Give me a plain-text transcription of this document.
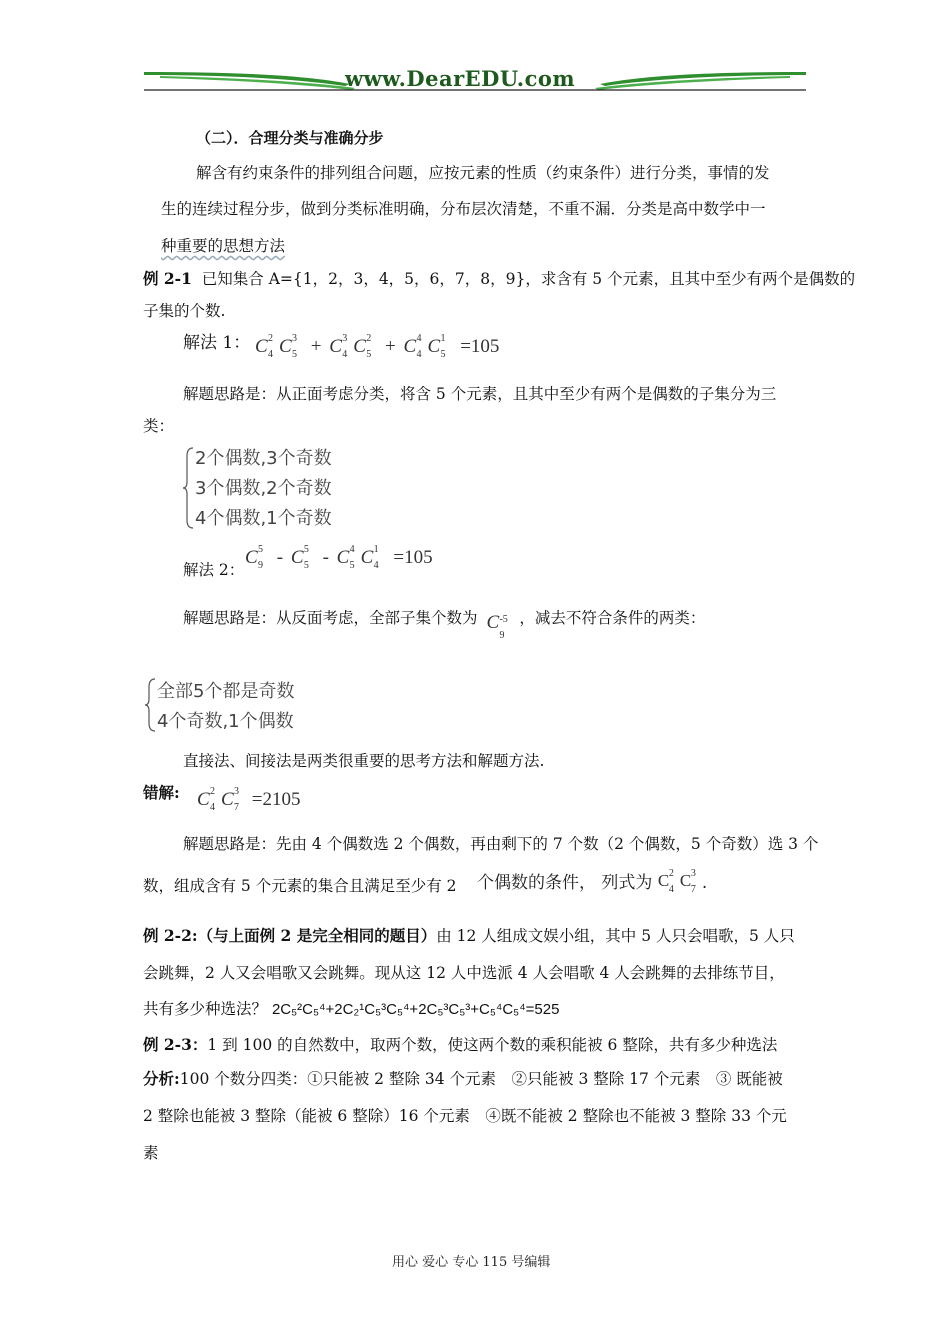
www.DearEDU.com
（二）．合理分类与准确分步
解含有约束条件的排列组合问题，应按元素的性质（约束条件）进行分类，事情的发
生的连续过程分步，做到分类标准明确，分布层次清楚，不重不漏．分类是高中数学中一
种重要的思想方法
例 2-1 已知集合 A={1，2，3，4，5，6，7，8，9}，求含有 5 个元素，且其中至少有两个是偶数的
子集的个数.
解法 1： C 2
4 C 3
5 + C 3
4 C 2
5 + C 4
4 C 1
5 =105
解题思路是：从正面考虑分类，将含 5 个元素，且其中至少有两个是偶数的子集分为三
类：
2个偶数,3个奇数
3个偶数,2个奇数
4个偶数,1个奇数
解法 2：
C 5
9 - C 5
5 - C 4
5 C 1
4 =105
解题思路是：从反面考虑，全部子集个数为 C -5
9
，减去不符合条件的两类：
全部5个都是奇数
4个奇数,1个偶数
直接法、间接法是两类很重要的思考方法和解题方法.
错解: C 2
4 C 3
7 =2105
解题思路是：先由 4 个偶数选 2 个偶数，再由剩下的 7 个数（2 个偶数，5 个奇数）选 3 个
数，组成含有 5 个元素的集合且满足至少有 2 个偶数的条件， 列式为 C 2
4 C 3
7 .
例 2-2:（与上面例 2 是完全相同的题目）由 12 人组成文娱小组，其中 5 人只会唱歌，5 人只
会跳舞，2 人又会唱歌又会跳舞。现从这 12 人中选派 4 人会唱歌 4 人会跳舞的去排练节目，
共有多少种选法？ 2C₅²C₅⁴+2C₂¹C₅³C₅⁴+2C₅³C₅³+C₅⁴C₅⁴=525
例 2-3：1 到 100 的自然数中，取两个数，使这两个数的乘积能被 6 整除，共有多少种选法
分析:100 个数分四类：①只能被 2 整除 34 个元素　②只能被 3 整除 17 个元素　③ 既能被
2 整除也能被 3 整除（能被 6 整除）16 个元素　④既不能被 2 整除也不能被 3 整除 33 个元
素
用心 爱心 专心 115 号编辑
